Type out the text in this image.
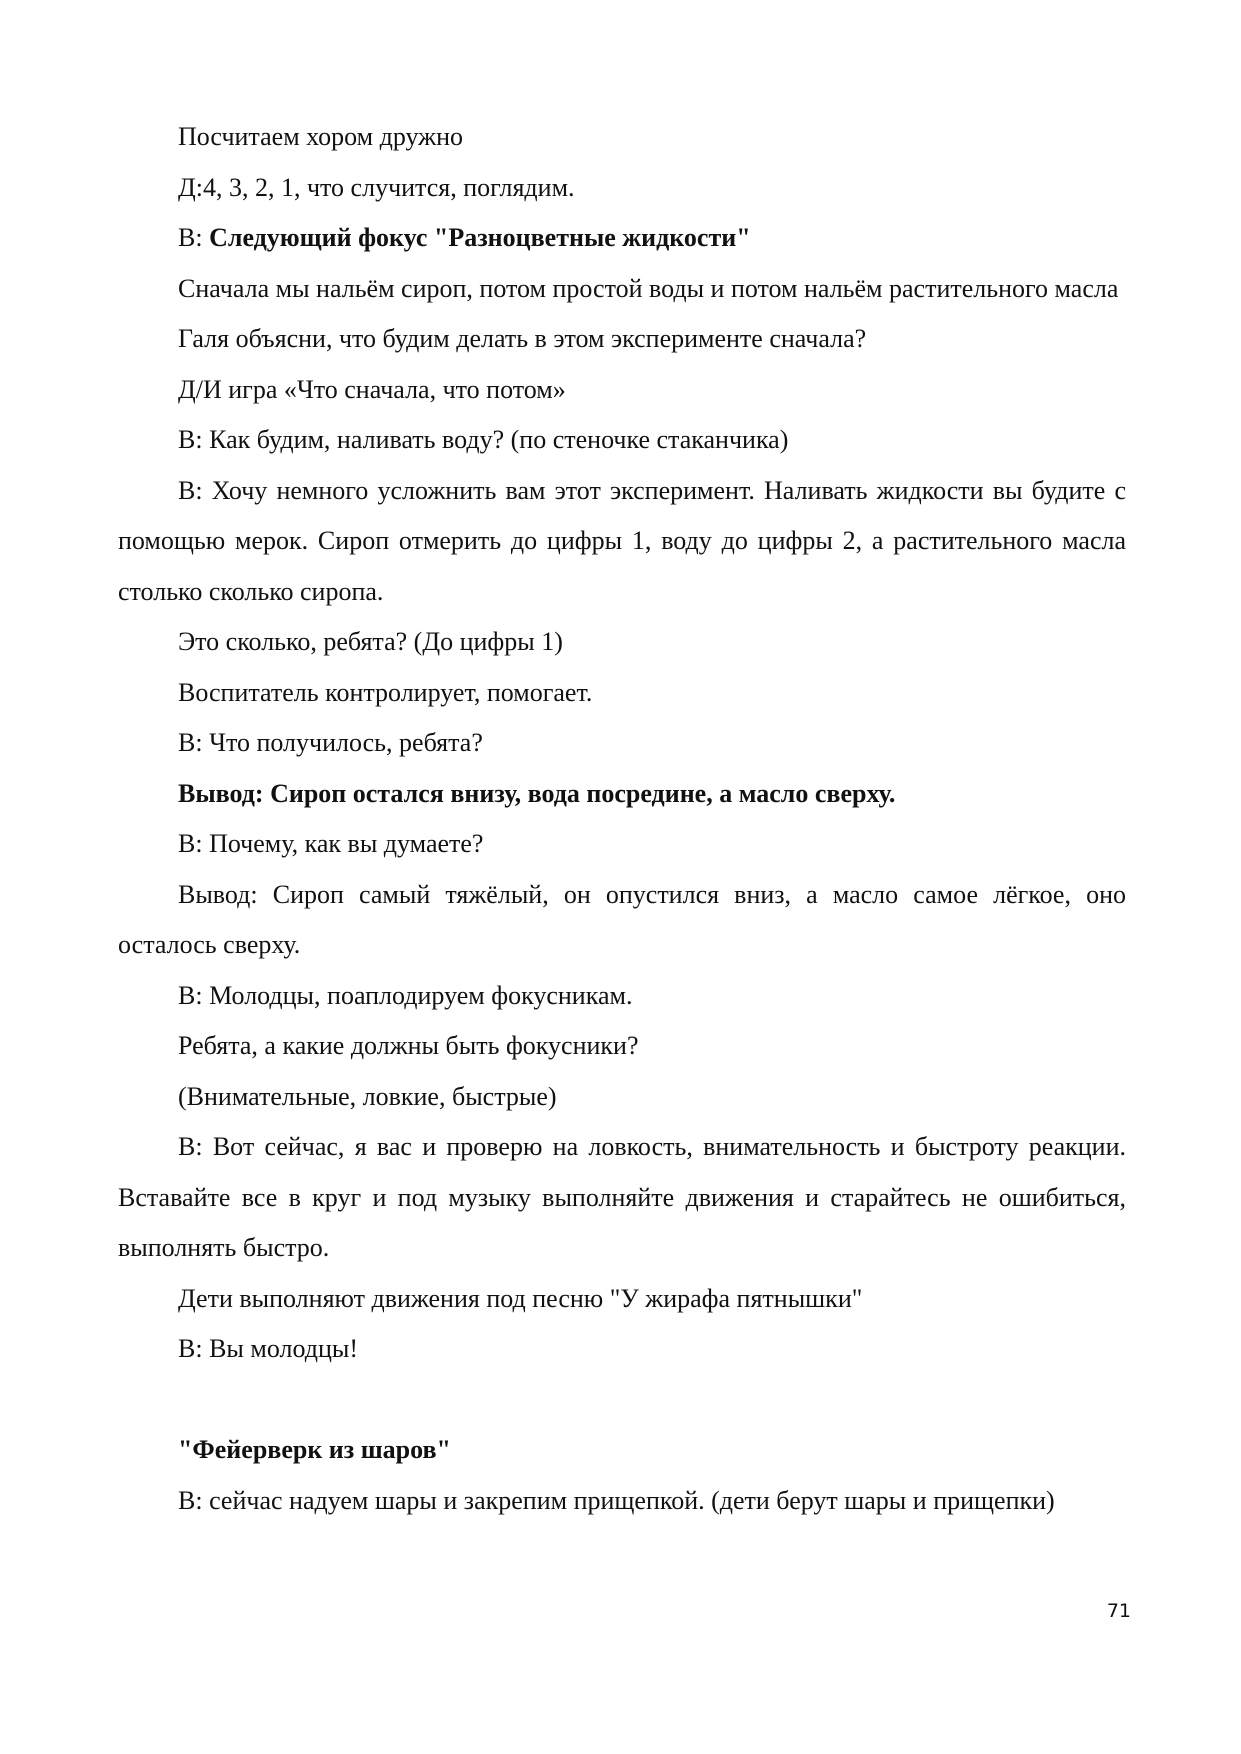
Посчитаем хором дружно

Д:4, 3, 2, 1, что случится, поглядим.

В: Следующий фокус "Разноцветные жидкости"

Сначала мы нальём сироп, потом простой воды и потом нальём растительного масла

Галя объясни, что будим делать в этом эксперименте сначала?

Д/И игра «Что сначала, что потом»

В: Как будим, наливать воду? (по стеночке стаканчика)

В: Хочу немного усложнить вам этот эксперимент. Наливать жидкости вы будите с помощью мерок. Сироп отмерить до цифры 1, воду до цифры 2, а растительного масла столько сколько сиропа.

Это сколько, ребята? (До цифры 1)

Воспитатель контролирует, помогает.

В: Что получилось, ребята?

Вывод: Сироп остался внизу, вода посредине, а масло сверху.

В: Почему, как вы думаете?

Вывод: Сироп самый тяжёлый, он опустился вниз, а масло самое лёгкое, оно осталось сверху.

В: Молодцы, поаплодируем фокусникам.

Ребята, а какие должны быть фокусники?

(Внимательные, ловкие, быстрые)

В: Вот сейчас, я вас и проверю на ловкость, внимательность и быстроту реакции. Вставайте все в круг и под музыку выполняйте движения и старайтесь не ошибиться, выполнять быстро.

Дети выполняют движения под песню "У жирафа пятнышки"

В: Вы молодцы!

"Фейерверк из шаров"

В: сейчас надуем шары и закрепим прищепкой. (дети берут шары и прищепки)

71
